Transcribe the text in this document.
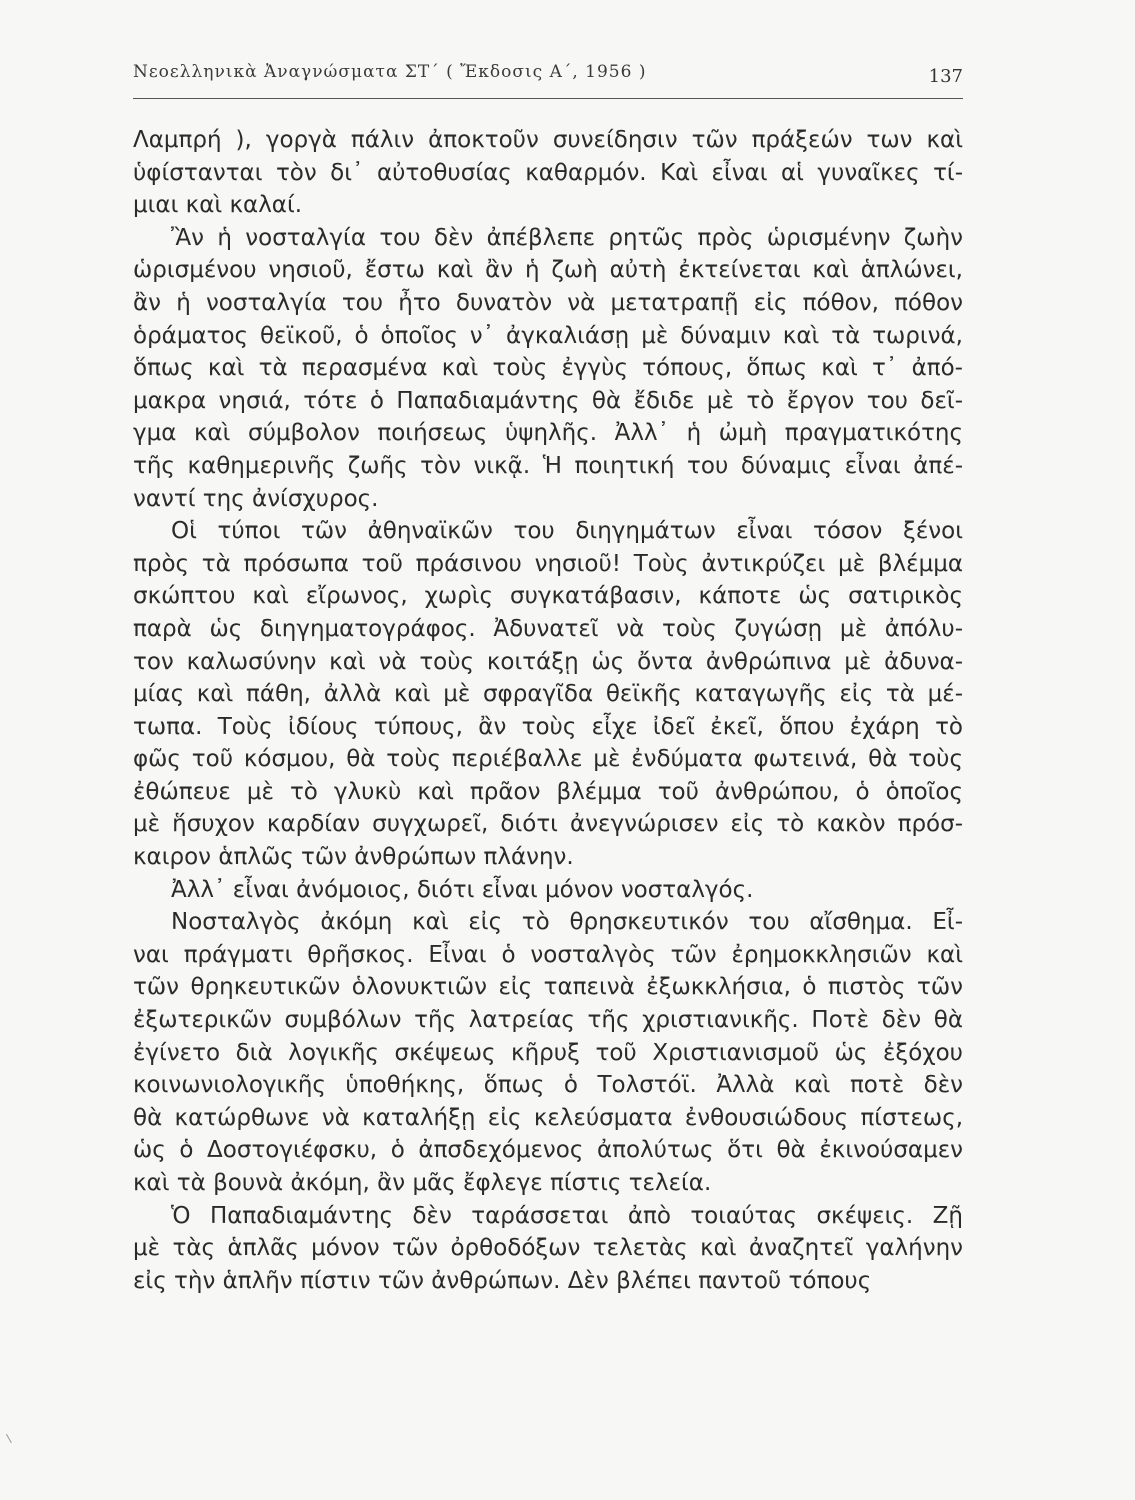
Νεοελληνικὰ Ἀναγνώσματα ΣΤ´ ( Ἔκδοσις Α´, 1956 )	137

Λαμπρή ), γοργὰ πάλιν ἀποκτοῦν συνείδησιν τῶν πράξεών των καὶ
ὑφίστανται τὸν δι᾿ αὐτοθυσίας καθαρμόν. Καὶ εἶναι αἱ γυναῖκες τί-
μιαι καὶ καλαί.

Ἂν ἡ νοσταλγία του δὲν ἀπέβλεπε ρητῶς πρὸς ὡρισμένην ζωὴν
ὡρισμένου νησιοῦ, ἔστω καὶ ἂν ἡ ζωὴ αὐτὴ ἐκτείνεται καὶ ἁπλώνει,
ἂν ἡ νοσταλγία του ἦτο δυνατὸν νὰ μετατραπῇ εἰς πόθον, πόθον
ὁράματος θεϊκοῦ, ὁ ὁποῖος ν᾿ ἀγκαλιάσῃ μὲ δύναμιν καὶ τὰ τωρινά,
ὅπως καὶ τὰ περασμένα καὶ τοὺς ἐγγὺς τόπους, ὅπως καὶ τ᾿ ἀπό-
μακρα νησιά, τότε ὁ Παπαδιαμάντης θὰ ἔδιδε μὲ τὸ ἔργον του δεῖ-
γμα καὶ σύμβολον ποιήσεως ὑψηλῆς. Ἀλλ᾿ ἡ ὠμὴ πραγματικότης
τῆς καθημερινῆς ζωῆς τὸν νικᾷ. Ἡ ποιητική του δύναμις εἶναι ἀπέ-
ναντί της ἀνίσχυρος.

Οἱ τύποι τῶν ἀθηναϊκῶν του διηγημάτων εἶναι τόσον ξένοι
πρὸς τὰ πρόσωπα τοῦ πράσινου νησιοῦ! Τοὺς ἀντικρύζει μὲ βλέμμα
σκώπτου καὶ εἴρωνος, χωρὶς συγκατάβασιν, κάποτε ὡς σατιρικὸς
παρὰ ὡς διηγηματογράφος. Ἀδυνατεῖ νὰ τοὺς ζυγώσῃ μὲ ἀπόλυ-
τον καλωσύνην καὶ νὰ τοὺς κοιτάξῃ ὡς ὄντα ἀνθρώπινα μὲ ἀδυνα-
μίας καὶ πάθη, ἀλλὰ καὶ μὲ σφραγῖδα θεϊκῆς καταγωγῆς εἰς τὰ μέ-
τωπα. Τοὺς ἰδίους τύπους, ἂν τοὺς εἶχε ἰδεῖ ἐκεῖ, ὅπου ἐχάρη τὸ
φῶς τοῦ κόσμου, θὰ τοὺς περιέβαλλε μὲ ἐνδύματα φωτεινά, θὰ τοὺς
ἐθώπευε μὲ τὸ γλυκὺ καὶ πρᾶον βλέμμα τοῦ ἀνθρώπου, ὁ ὁποῖος
μὲ ἥσυχον καρδίαν συγχωρεῖ, διότι ἀνεγνώρισεν εἰς τὸ κακὸν πρόσ-
καιρον ἁπλῶς τῶν ἀνθρώπων πλάνην.

Ἀλλ᾿ εἶναι ἀνόμοιος, διότι εἶναι μόνον νοσταλγός.

Νοσταλγὸς ἀκόμη καὶ εἰς τὸ θρησκευτικόν του αἴσθημα. Εἶ-
ναι πράγματι θρῆσκος. Εἶναι ὁ νοσταλγὸς τῶν ἐρημοκκλησιῶν καὶ
τῶν θρηκευτικῶν ὁλονυκτιῶν εἰς ταπεινὰ ἐξωκκλήσια, ὁ πιστὸς τῶν
ἐξωτερικῶν συμβόλων τῆς λατρείας τῆς χριστιανικῆς. Ποτὲ δὲν θὰ
ἐγίνετο διὰ λογικῆς σκέψεως κῆρυξ τοῦ Χριστιανισμοῦ ὡς ἐξόχου
κοινωνιολογικῆς ὑποθήκης, ὅπως ὁ Τολστόϊ. Ἀλλὰ καὶ ποτὲ δὲν
θὰ κατώρθωνε νὰ καταλήξῃ εἰς κελεύσματα ἐνθουσιώδους πίστεως,
ὡς ὁ Δοστογιέφσκυ, ὁ ἀπσδεχόμενος ἀπολύτως ὅτι θὰ ἐκινούσαμεν
καὶ τὰ βουνὰ ἀκόμη, ἂν μᾶς ἔφλεγε πίστις τελεία.

Ὁ Παπαδιαμάντης δὲν ταράσσεται ἀπὸ τοιαύτας σκέψεις. Ζῇ
μὲ τὰς ἁπλᾶς μόνον τῶν ὀρθοδόξων τελετὰς καὶ ἀναζητεῖ γαλήνην
εἰς τὴν ἁπλῆν πίστιν τῶν ἀνθρώπων. Δὲν βλέπει παντοῦ τόπους
